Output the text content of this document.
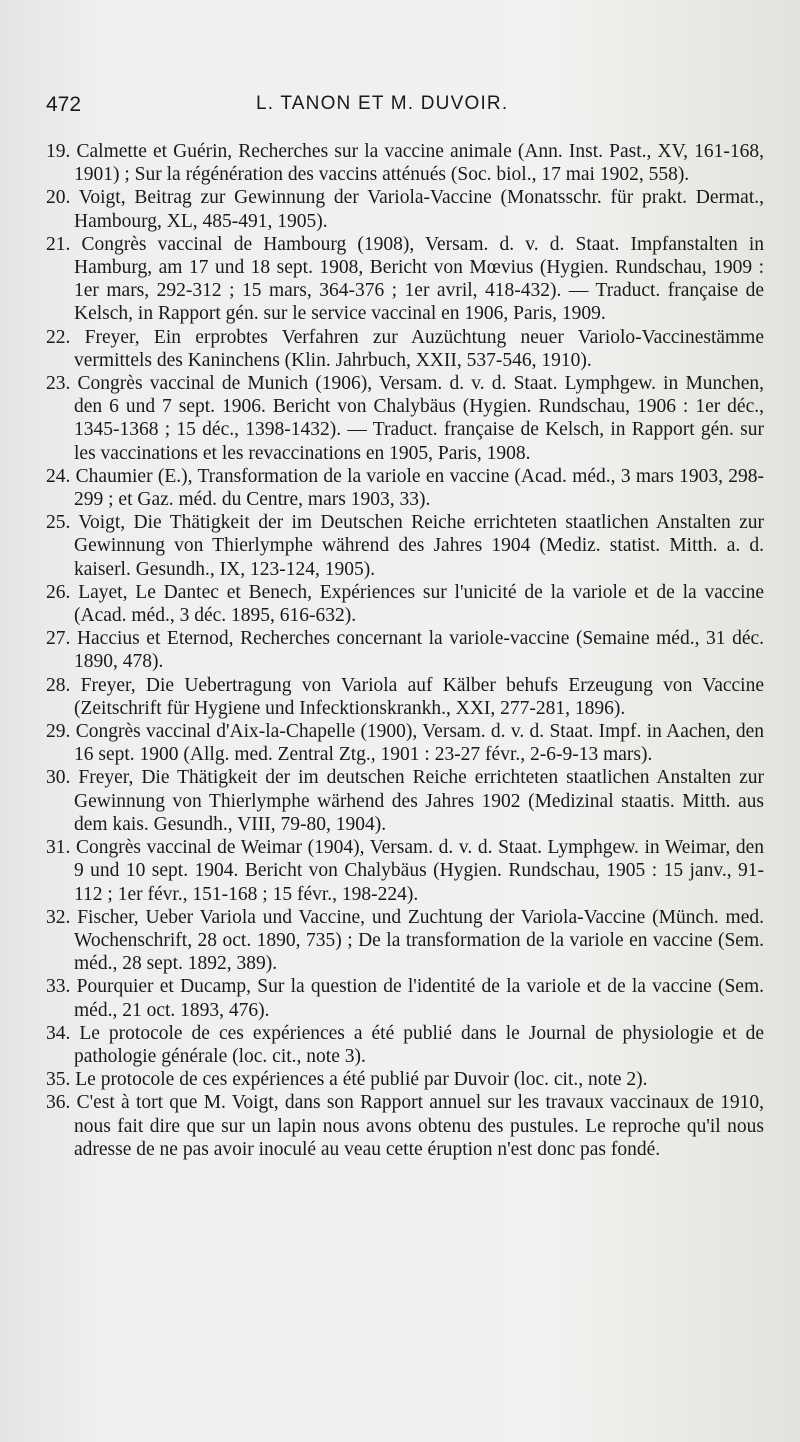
472	L. TANON ET M. DUVOIR.
19. Calmette et Guérin, Recherches sur la vaccine animale (Ann. Inst. Past., XV, 161-168, 1901) ; Sur la régénération des vaccins atténués (Soc. biol., 17 mai 1902, 558).
20. Voigt, Beitrag zur Gewinnung der Variola-Vaccine (Monatsschr. für prakt. Dermat., Hambourg, XL, 485-491, 1905).
21. Congrès vaccinal de Hambourg (1908), Versam. d. v. d. Staat. Impfanstalten in Hamburg, am 17 und 18 sept. 1908, Bericht von Mœvius (Hygien. Rundschau, 1909 : 1er mars, 292-312 ; 15 mars, 364-376 ; 1er avril, 418-432). — Traduct. française de Kelsch, in Rapport gén. sur le service vaccinal en 1906, Paris, 1909.
22. Freyer, Ein erprobtes Verfahren zur Auzüchtung neuer Variolo-Vaccinestämme vermittels des Kaninchens (Klin. Jahrbuch, XXII, 537-546, 1910).
23. Congrès vaccinal de Munich (1906), Versam. d. v. d. Staat. Lymphgew. in Munchen, den 6 und 7 sept. 1906. Bericht von Chalybäus (Hygien. Rundschau, 1906 : 1er déc., 1345-1368 ; 15 déc., 1398-1432). — Traduct. française de Kelsch, in Rapport gén. sur les vaccinations et les revaccinations en 1905, Paris, 1908.
24. Chaumier (E.), Transformation de la variole en vaccine (Acad. méd., 3 mars 1903, 298-299 ; et Gaz. méd. du Centre, mars 1903, 33).
25. Voigt, Die Thätigkeit der im Deutschen Reiche errichteten staatlichen Anstalten zur Gewinnung von Thierlymphe während des Jahres 1904 (Mediz. statist. Mitth. a. d. kaiserl. Gesundh., IX, 123-124, 1905).
26. Layet, Le Dantec et Benech, Expériences sur l'unicité de la variole et de la vaccine (Acad. méd., 3 déc. 1895, 616-632).
27. Haccius et Eternod, Recherches concernant la variole-vaccine (Semaine méd., 31 déc. 1890, 478).
28. Freyer, Die Uebertragung von Variola auf Kälber behufs Erzeugung von Vaccine (Zeitschrift für Hygiene und Infecktionskrankh., XXI, 277-281, 1896).
29. Congrès vaccinal d'Aix-la-Chapelle (1900), Versam. d. v. d. Staat. Impf. in Aachen, den 16 sept. 1900 (Allg. med. Zentral Ztg., 1901 : 23-27 févr., 2-6-9-13 mars).
30. Freyer, Die Thätigkeit der im deutschen Reiche errichteten staatlichen Anstalten zur Gewinnung von Thierlymphe wärhend des Jahres 1902 (Medizinal staatis. Mitth. aus dem kais. Gesundh., VIII, 79-80, 1904).
31. Congrès vaccinal de Weimar (1904), Versam. d. v. d. Staat. Lymphgew. in Weimar, den 9 und 10 sept. 1904. Bericht von Chalybäus (Hygien. Rundschau, 1905 : 15 janv., 91-112 ; 1er févr., 151-168 ; 15 févr., 198-224).
32. Fischer, Ueber Variola und Vaccine, und Zuchtung der Variola-Vaccine (Münch. med. Wochenschrift, 28 oct. 1890, 735) ; De la transformation de la variole en vaccine (Sem. méd., 28 sept. 1892, 389).
33. Pourquier et Ducamp, Sur la question de l'identité de la variole et de la vaccine (Sem. méd., 21 oct. 1893, 476).
34. Le protocole de ces expériences a été publié dans le Journal de physiologie et de pathologie générale (loc. cit., note 3).
35. Le protocole de ces expériences a été publié par Duvoir (loc. cit., note 2).
36. C'est à tort que M. Voigt, dans son Rapport annuel sur les travaux vaccinaux de 1910, nous fait dire que sur un lapin nous avons obtenu des pustules. Le reproche qu'il nous adresse de ne pas avoir inoculé au veau cette éruption n'est donc pas fondé.
